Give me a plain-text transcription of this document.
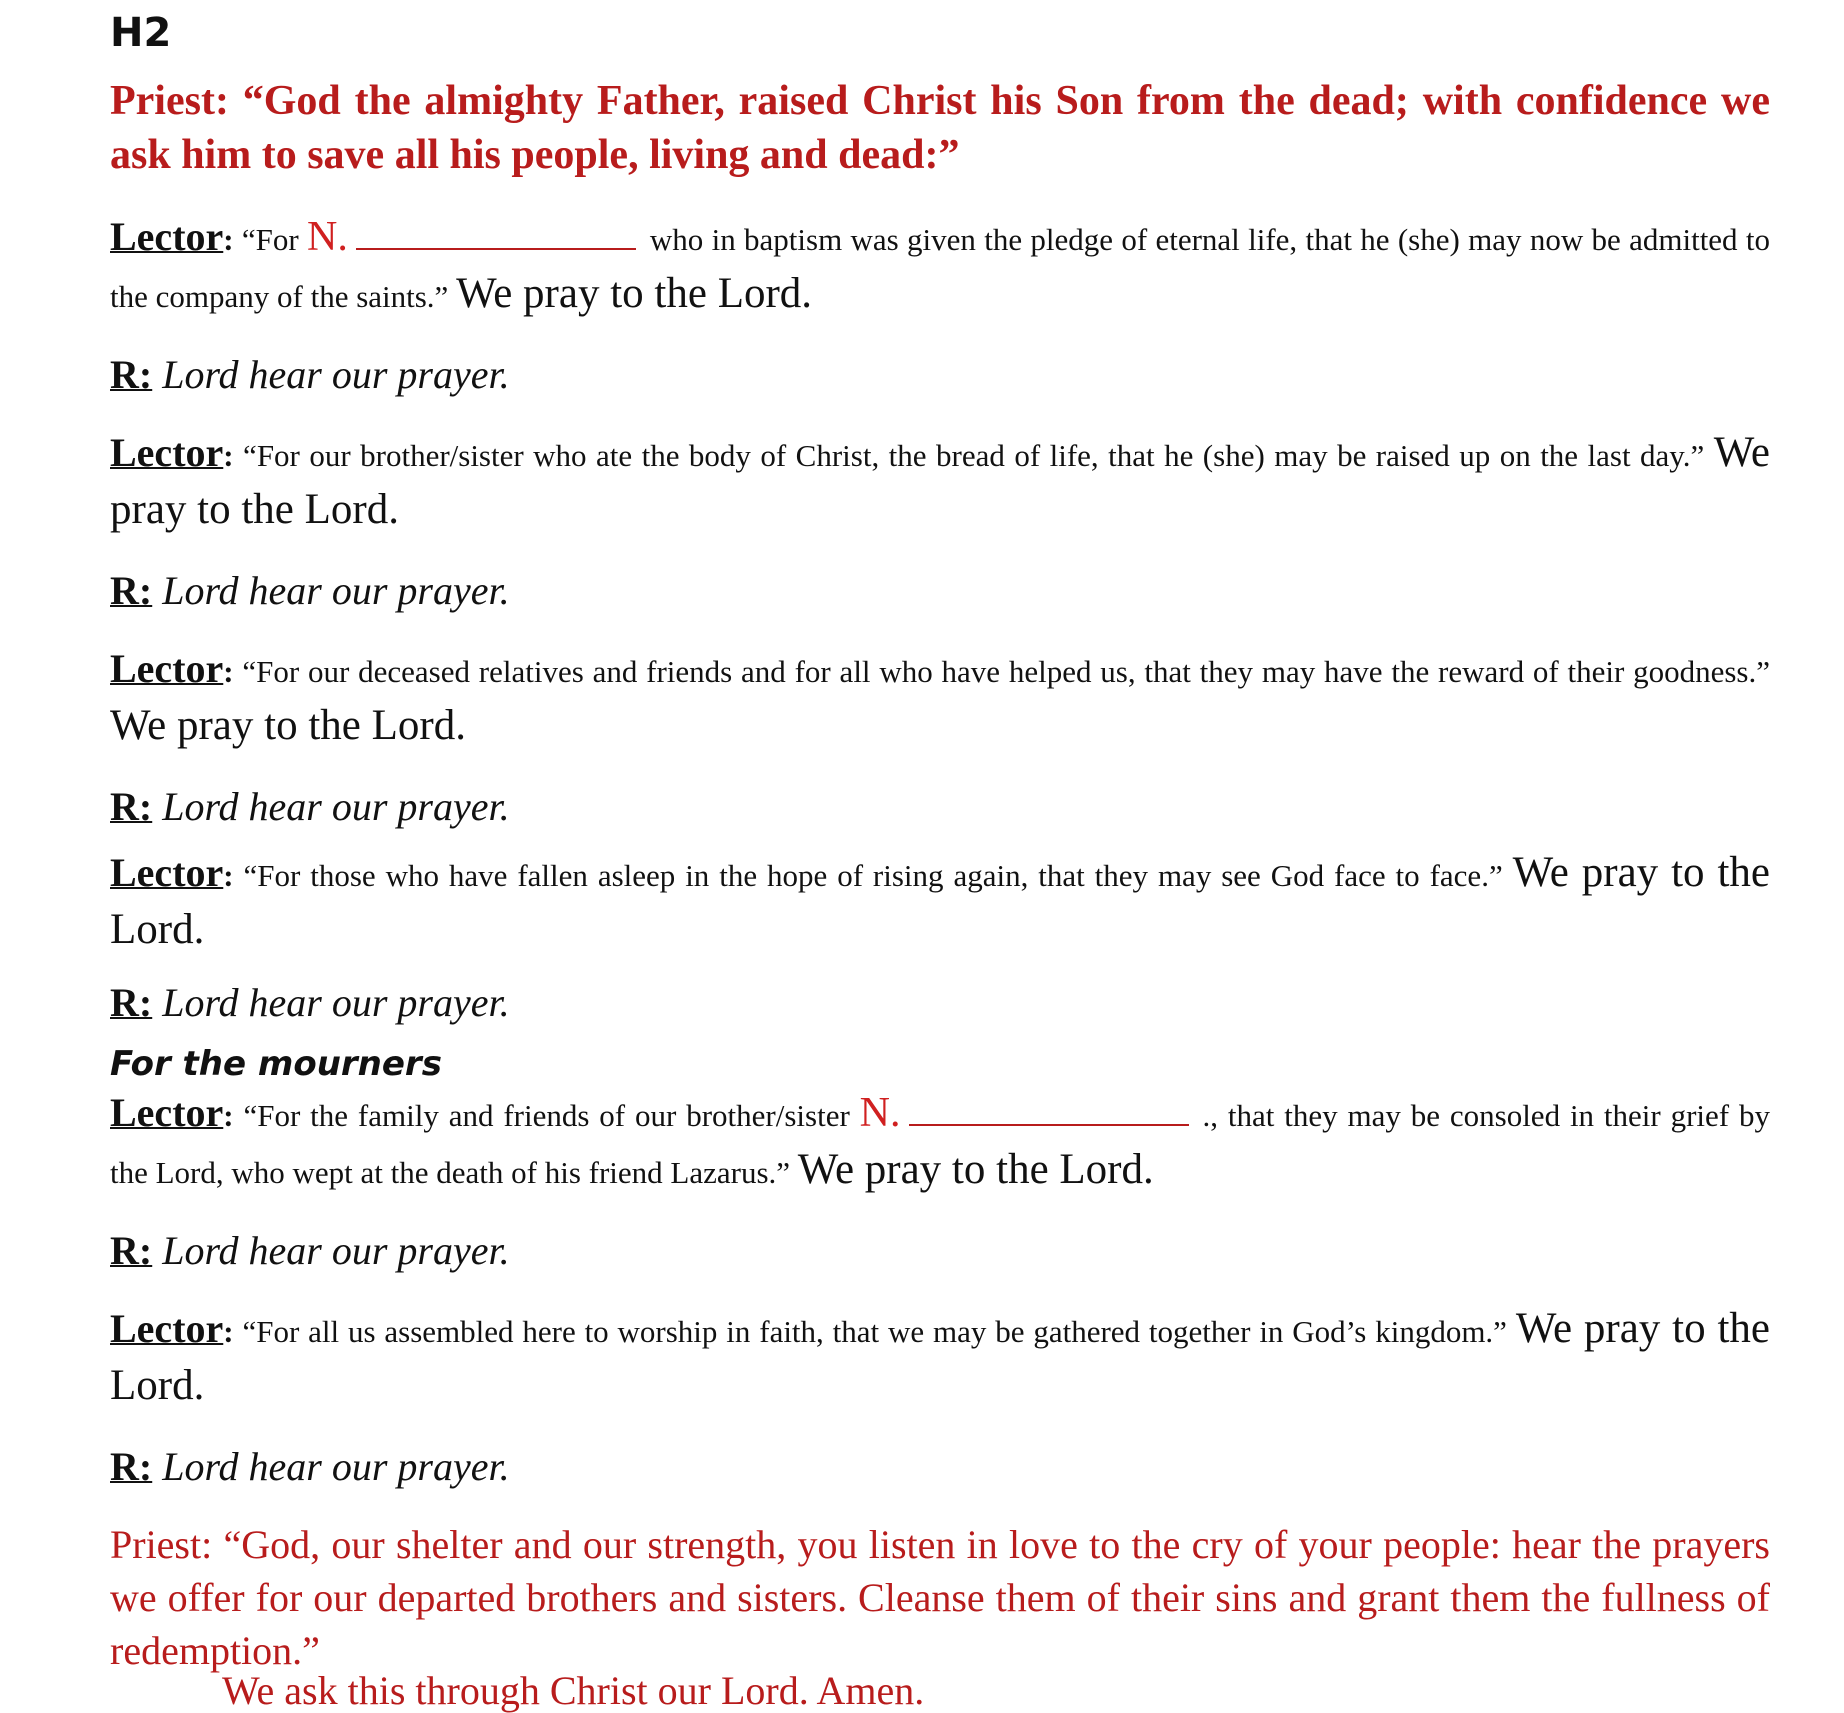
H2

Priest: “God the almighty Father, raised Christ his Son from the dead; with confidence we ask him to save all his people, living and dead:”

Lector: “For N.	who in baptism was given the pledge of eternal life, that he (she) may now be admitted to the company of the saints.” We pray to the Lord.

R: Lord hear our prayer.

Lector: “For our brother/sister who ate the body of Christ, the bread of life, that he (she) may be raised up on the last day.” We pray to the Lord.

R: Lord hear our prayer.

Lector: “For our deceased relatives and friends and for all who have helped us, that they may have the reward of their goodness.” We pray to the Lord.

R: Lord hear our prayer.

Lector: “For those who have fallen asleep in the hope of rising again, that they may see God face to face.” We pray to the Lord.

R: Lord hear our prayer.

For the mourners

Lector: “For the family and friends of our brother/sister N.	., that they may be consoled in their grief by the Lord, who wept at the death of his friend Lazarus.” We pray to the Lord.

R: Lord hear our prayer.

Lector: “For all us assembled here to worship in faith, that we may be gathered together in God’s kingdom.” We pray to the Lord.

R: Lord hear our prayer.

Priest: “God, our shelter and our strength, you listen in love to the cry of your people: hear the prayers we offer for our departed brothers and sisters. Cleanse them of their sins and grant them the fullness of redemption.”

We ask this through Christ our Lord. Amen.
